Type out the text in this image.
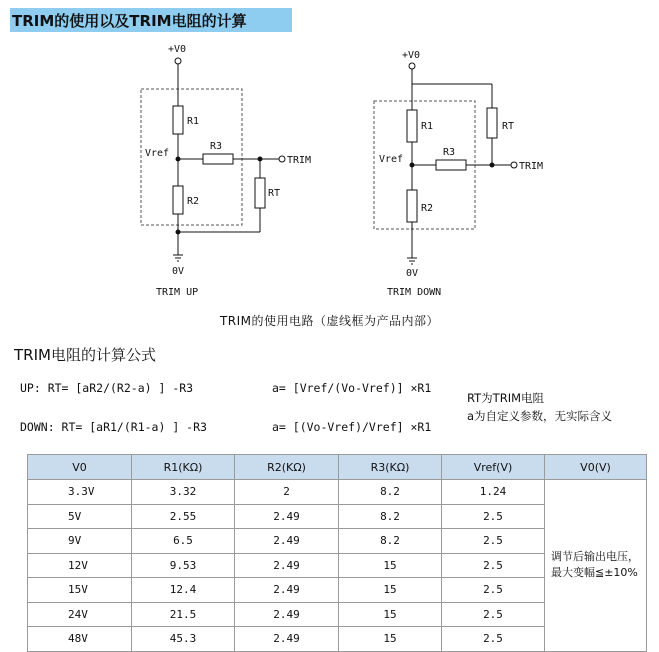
TRIM的使用以及TRIM电阻的计算
+V0
R1
Vref
R3
TRIM
RT
R2
0V
TRIM UP
+V0
R1	RT
R3
Vref
TRIM
R2
0V
TRIM DOWN
TRIM的使用电路（虚线框为产品内部）
TRIM电阻的计算公式
UP: RT= [aR2/(R2-a) ] -R3	a= [Vref/(Vo-Vref)] ×R1
DOWN: RT= [aR1/(R1-a) ] -R3	a= [(Vo-Vref)/Vref] ×R1
RT为TRIM电阻
a为自定义参数，无实际含义
V0	R1(KΩ)	R2(KΩ)	R3(KΩ)	Vref(V)	V0(V)
3.3V	3.32	2	8.2	1.24	调节后输出电压，
最大变幅≦±10%

5V	2.55	2.49	8.2	2.5	
9V	6.5	2.49	8.2	2.5	
12V	9.53	2.49	15	2.5	
15V	12.4	2.49	15	2.5	
24V	21.5	2.49	15	2.5	
48V	45.3	2.49	15	2.5	
